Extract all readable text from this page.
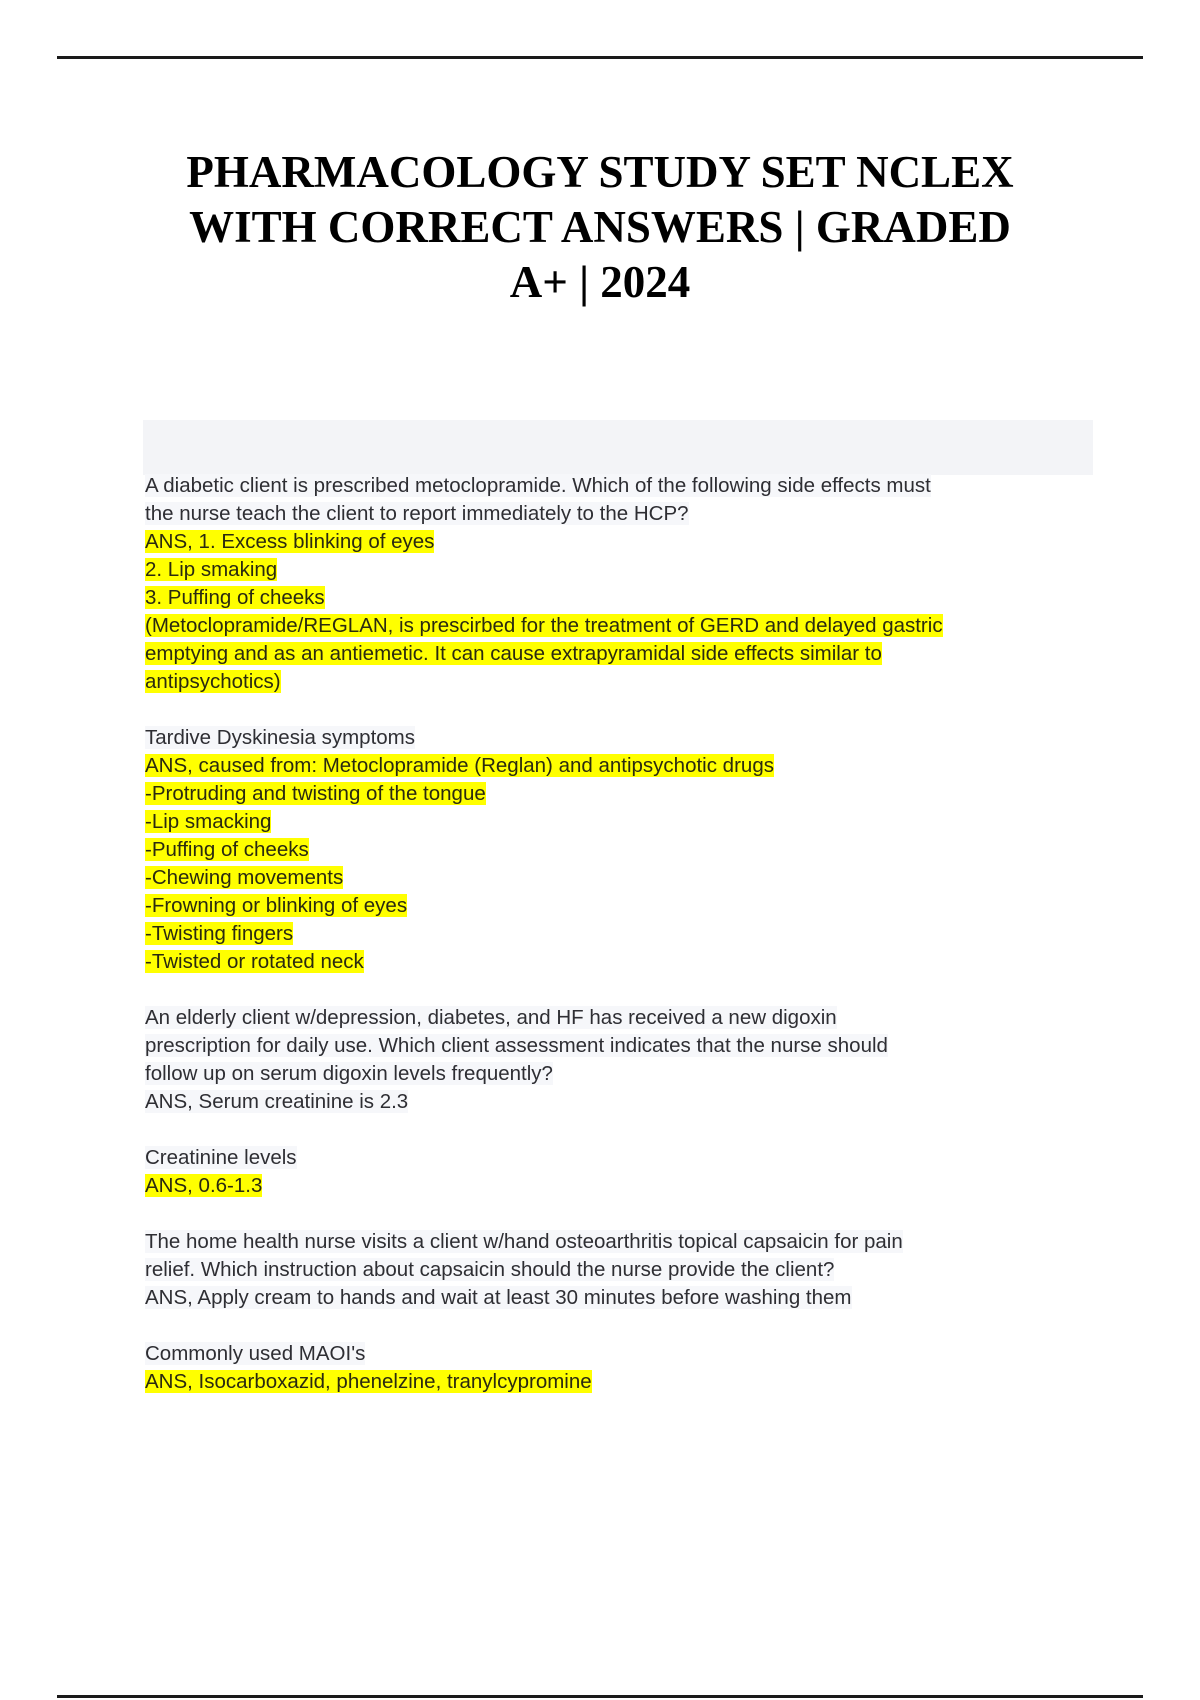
PHARMACOLOGY STUDY SET NCLEX
WITH CORRECT ANSWERS | GRADED
A+ | 2024
A diabetic client is prescribed metoclopramide. Which of the following side effects must
the nurse teach the client to report immediately to the HCP?
ANS, 1. Excess blinking of eyes
2. Lip smaking
3. Puffing of cheeks
(Metoclopramide/REGLAN, is prescirbed for the treatment of GERD and delayed gastric
emptying and as an antiemetic. It can cause extrapyramidal side effects similar to
antipsychotics)
Tardive Dyskinesia symptoms
ANS, caused from: Metoclopramide (Reglan) and antipsychotic drugs
-Protruding and twisting of the tongue
-Lip smacking
-Puffing of cheeks
-Chewing movements
-Frowning or blinking of eyes
-Twisting fingers
-Twisted or rotated neck
An elderly client w/depression, diabetes, and HF has received a new digoxin
prescription for daily use. Which client assessment indicates that the nurse should
follow up on serum digoxin levels frequently?
ANS, Serum creatinine is 2.3
Creatinine levels
ANS, 0.6-1.3
The home health nurse visits a client w/hand osteoarthritis topical capsaicin for pain
relief. Which instruction about capsaicin should the nurse provide the client?
ANS, Apply cream to hands and wait at least 30 minutes before washing them
Commonly used MAOI's
ANS, Isocarboxazid, phenelzine, tranylcypromine
